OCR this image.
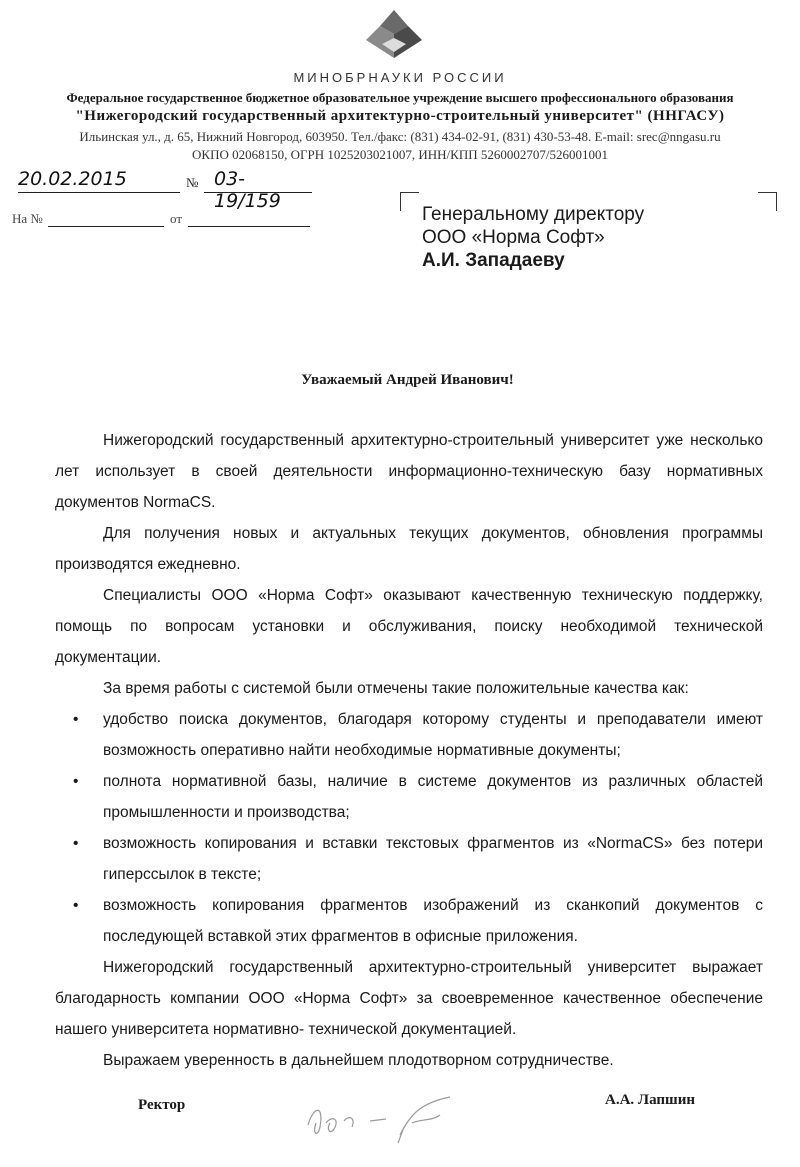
МИНОБРНАУКИ РОССИИ
Федеральное государственное бюджетное образовательное учреждение высшего профессионального образования
"Нижегородский государственный архитектурно-строительный университет" (ННГАСУ)
Ильинская ул., д. 65, Нижний Новгород, 603950. Тел./факс: (831) 434-02-91, (831) 430-53-48. E-mail: srec@nngasu.ru
ОКПО 02068150, ОГРН 1025203021007, ИНН/КПП 5260002707/526001001
20.02.2015	№ 03-19/159
На №	от	Генеральному директору
ООО «Норма Софт»
А.И. Западаеву
Уважаемый Андрей Иванович!

Нижегородский государственный архитектурно-строительный университет уже несколько лет использует в своей деятельности информационно-техническую базу нормативных документов NormaCS.

Для получения новых и актуальных текущих документов, обновления программы производятся ежедневно.

Специалисты ООО «Норма Софт» оказывают качественную техническую поддержку, помощь по вопросам установки и обслуживания, поиску необходимой технической документации.

За время работы с системой были отмечены такие положительные качества как:

• удобство поиска документов, благодаря которому студенты и преподаватели имеют возможность оперативно найти необходимые нормативные документы;
• полнота нормативной базы, наличие в системе документов из различных областей промышленности и производства;
• возможность копирования и вставки текстовых фрагментов из «NormaCS» без потери гиперссылок в тексте;
• возможность копирования фрагментов изображений из сканкопий документов с последующей вставкой этих фрагментов в офисные приложения.

Нижегородский государственный архитектурно-строительный университет выражает благодарность компании ООО «Норма Софт» за своевременное качественное обеспечение нашего университета нормативно- технической документацией.

Выражаем уверенность в дальнейшем плодотворном сотрудничестве.

Ректор	А.А. Лапшин
